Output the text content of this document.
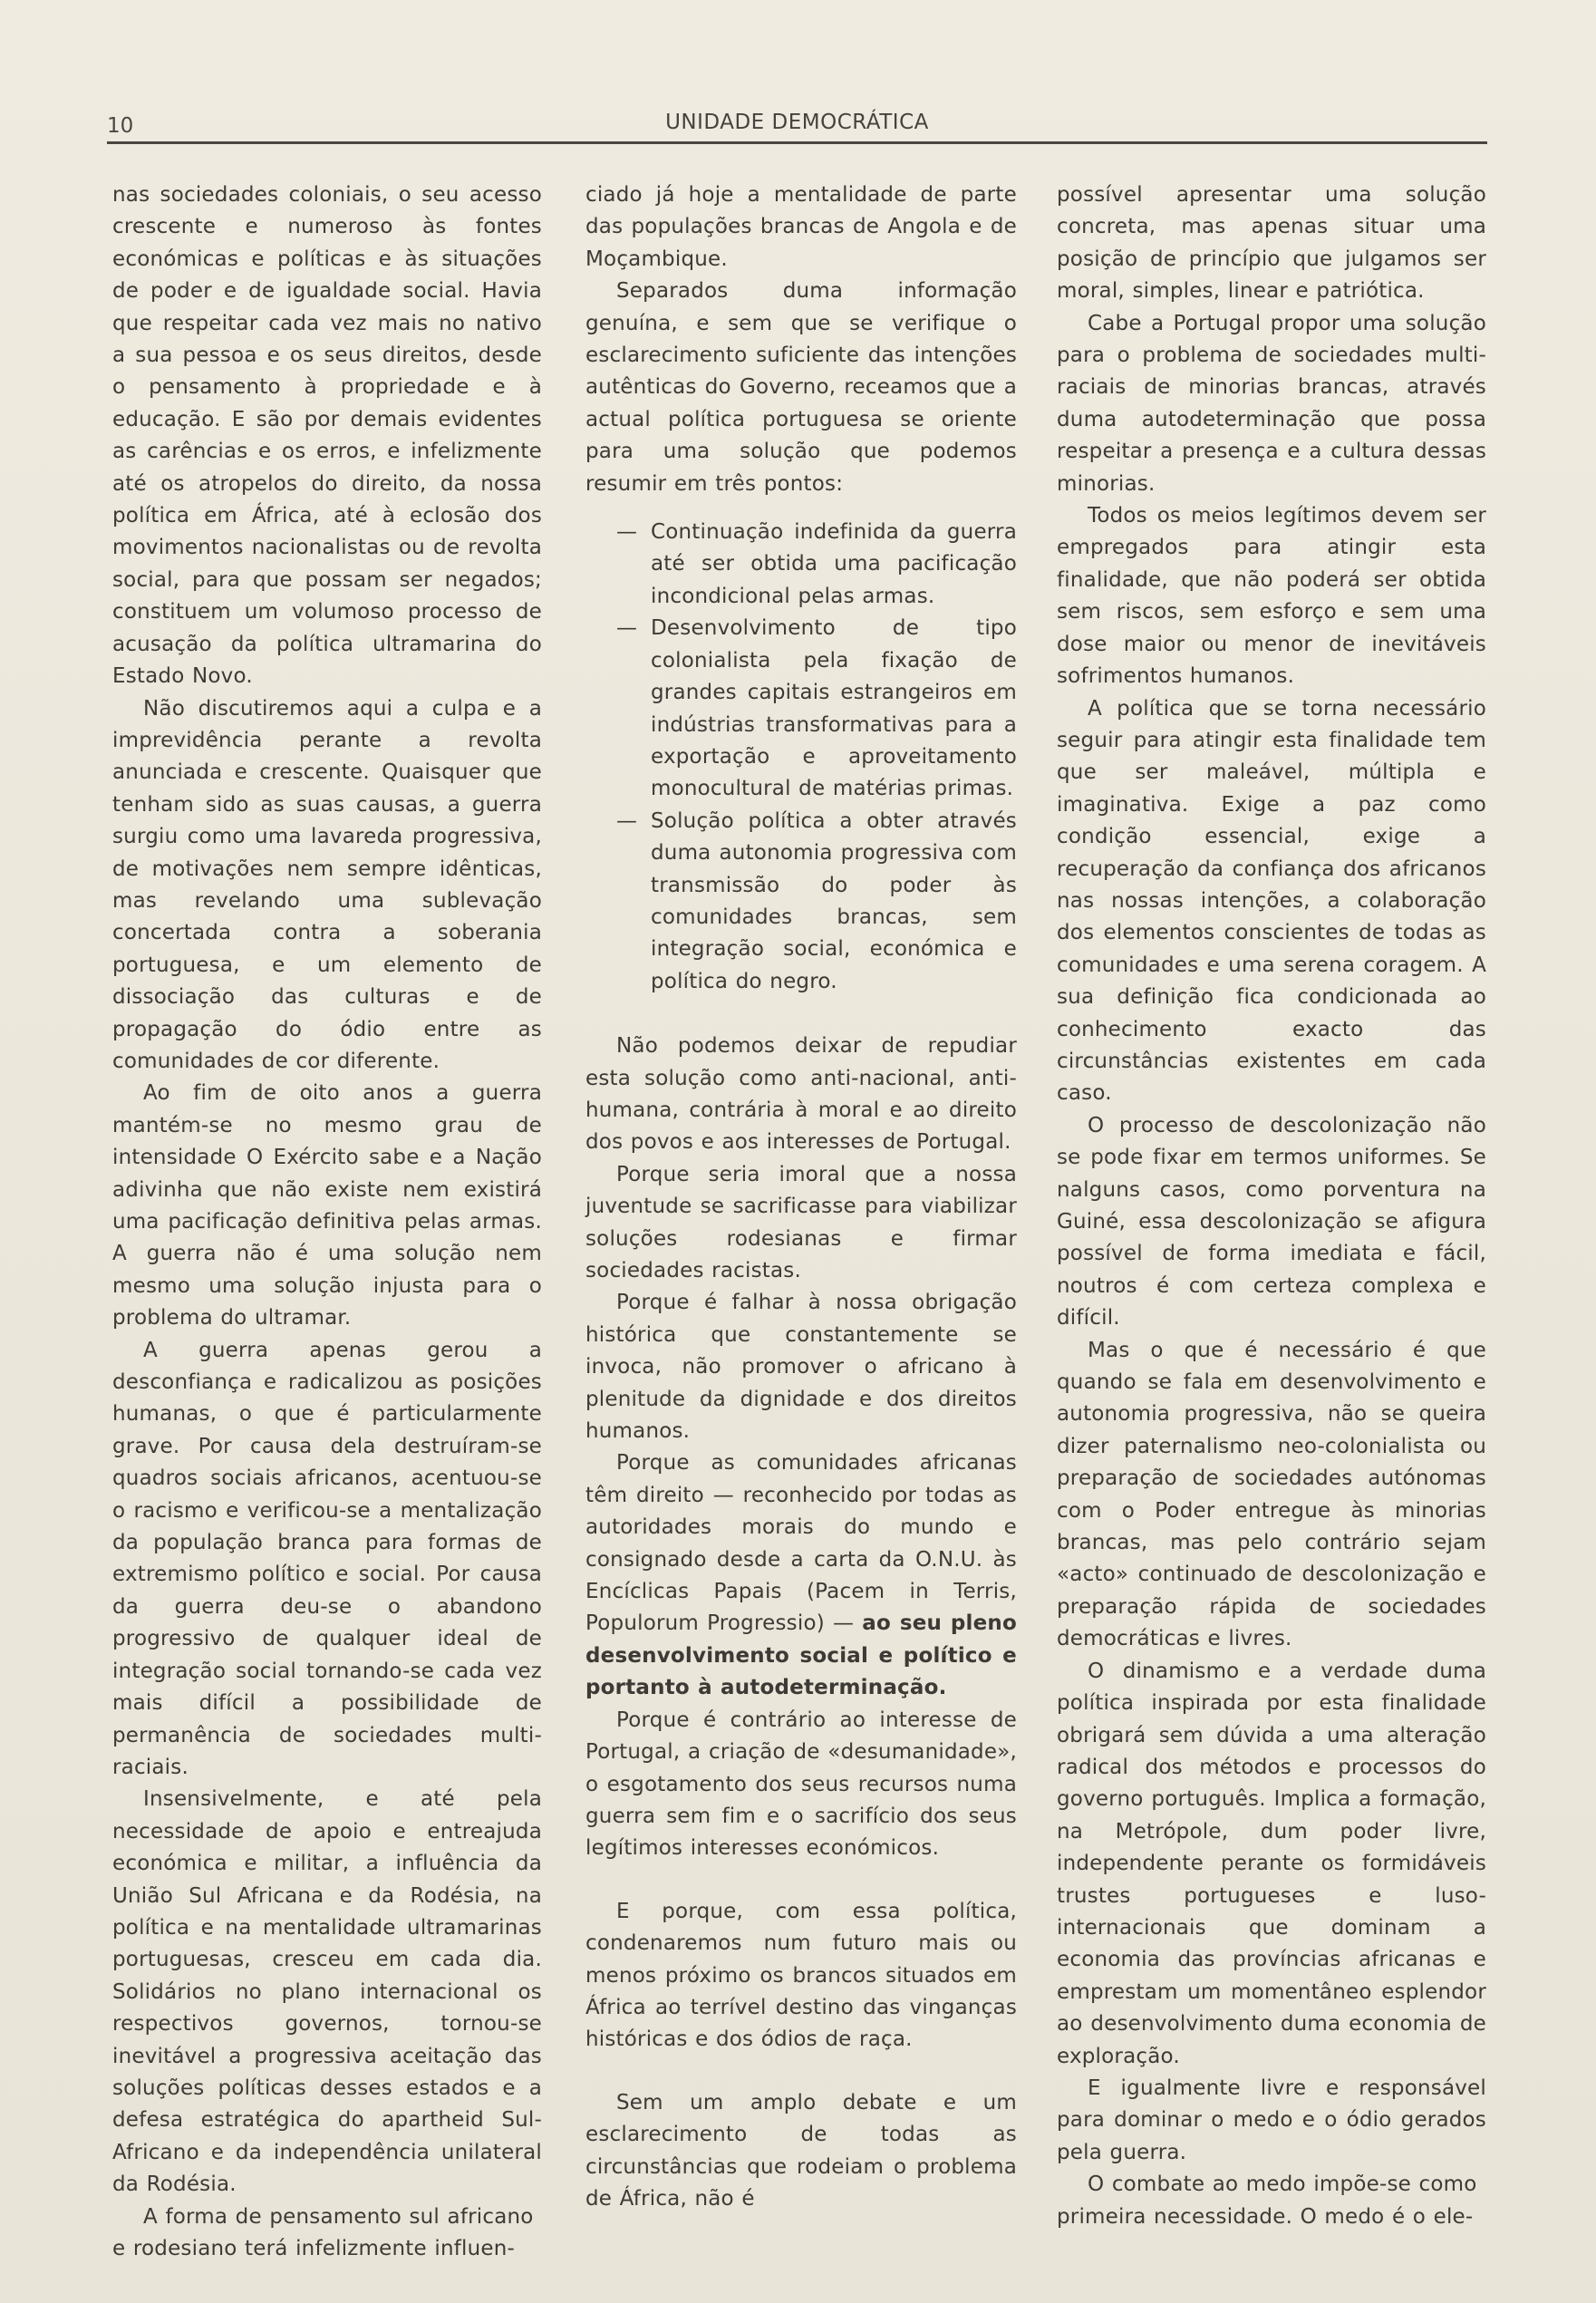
10	UNIDADE DEMOCRÁTICA

nas sociedades coloniais, o seu acesso crescente e numeroso às fontes económicas e políticas e às situações de poder e de igualdade social. Havia que respeitar cada vez mais no nativo a sua pessoa e os seus direitos, desde o pensamento à propriedade e à educação. E são por demais evidentes as carências e os erros, e infelizmente até os atropelos do direito, da nossa política em África, até à eclosão dos movimentos nacionalistas ou de revolta social, para que possam ser negados; constituem um volumoso processo de acusação da política ultramarina do Estado Novo.

Não discutiremos aqui a culpa e a imprevidência perante a revolta anunciada e crescente. Quaisquer que tenham sido as suas causas, a guerra surgiu como uma lavareda progressiva, de motivações nem sempre idênticas, mas revelando uma sublevação concertada contra a soberania portuguesa, e um elemento de dissociação das culturas e de propagação do ódio entre as comunidades de cor diferente.

Ao fim de oito anos a guerra mantém-se no mesmo grau de intensidade O Exército sabe e a Nação adivinha que não existe nem existirá uma pacificação definitiva pelas armas. A guerra não é uma solução nem mesmo uma solução injusta para o problema do ultramar.

A guerra apenas gerou a desconfiança e radicalizou as posições humanas, o que é particularmente grave. Por causa dela destruíram-se quadros sociais africanos, acentuou-se o racismo e verificou-se a mentalização da população branca para formas de extremismo político e social. Por causa da guerra deu-se o abandono progressivo de qualquer ideal de integração social tornando-se cada vez mais difícil a possibilidade de permanência de sociedades multi-raciais.

Insensivelmente, e até pela necessidade de apoio e entreajuda económica e militar, a influência da União Sul Africana e da Rodésia, na política e na mentalidade ultramarinas portuguesas, cresceu em cada dia. Solidários no plano internacional os respectivos governos, tornou-se inevitável a progressiva aceitação das soluções políticas desses estados e a defesa estratégica do apartheid Sul-Africano e da independência unilateral da Rodésia.

A forma de pensamento sul africano e rodesiano terá infelizmente influen-

ciado já hoje a mentalidade de parte das populações brancas de Angola e de Moçambique.

Separados duma informação genuína, e sem que se verifique o esclarecimento suficiente das intenções autênticas do Governo, receamos que a actual política portuguesa se oriente para uma solução que podemos resumir em três pontos:

— Continuação indefinida da guerra até ser obtida uma pacificação incondicional pelas armas.
— Desenvolvimento de tipo colonialista pela fixação de grandes capitais estrangeiros em indústrias transformativas para a exportação e aproveitamento monocultural de matérias primas.
— Solução política a obter através duma autonomia progressiva com transmissão do poder às comunidades brancas, sem integração social, económica e política do negro.

Não podemos deixar de repudiar esta solução como anti-nacional, anti-humana, contrária à moral e ao direito dos povos e aos interesses de Portugal.

Porque seria imoral que a nossa juventude se sacrificasse para viabilizar soluções rodesianas e firmar sociedades racistas.

Porque é falhar à nossa obrigação histórica que constantemente se invoca, não promover o africano à plenitude da dignidade e dos direitos humanos.

Porque as comunidades africanas têm direito — reconhecido por todas as autoridades morais do mundo e consignado desde a carta da O.N.U. às Encíclicas Papais (Pacem in Terris, Populorum Progressio) — ao seu pleno desenvolvimento social e político e portanto à autodeterminação.

Porque é contrário ao interesse de Portugal, a criação de «desumanidade», o esgotamento dos seus recursos numa guerra sem fim e o sacrifício dos seus legítimos interesses económicos.

E porque, com essa política, condenaremos num futuro mais ou menos próximo os brancos situados em África ao terrível destino das vinganças históricas e dos ódios de raça.

Sem um amplo debate e um esclarecimento de todas as circunstâncias que rodeiam o problema de África, não é

possível apresentar uma solução concreta, mas apenas situar uma posição de princípio que julgamos ser moral, simples, linear e patriótica.

Cabe a Portugal propor uma solução para o problema de sociedades multi-raciais de minorias brancas, através duma autodeterminação que possa respeitar a presença e a cultura dessas minorias.

Todos os meios legítimos devem ser empregados para atingir esta finalidade, que não poderá ser obtida sem riscos, sem esforço e sem uma dose maior ou menor de inevitáveis sofrimentos humanos.

A política que se torna necessário seguir para atingir esta finalidade tem que ser maleável, múltipla e imaginativa. Exige a paz como condição essencial, exige a recuperação da confiança dos africanos nas nossas intenções, a colaboração dos elementos conscientes de todas as comunidades e uma serena coragem. A sua definição fica condicionada ao conhecimento exacto das circunstâncias existentes em cada caso.

O processo de descolonização não se pode fixar em termos uniformes. Se nalguns casos, como porventura na Guiné, essa descolonização se afigura possível de forma imediata e fácil, noutros é com certeza complexa e difícil.

Mas o que é necessário é que quando se fala em desenvolvimento e autonomia progressiva, não se queira dizer paternalismo neo-colonialista ou preparação de sociedades autónomas com o Poder entregue às minorias brancas, mas pelo contrário sejam «acto» continuado de descolonização e preparação rápida de sociedades democráticas e livres.

O dinamismo e a verdade duma política inspirada por esta finalidade obrigará sem dúvida a uma alteração radical dos métodos e processos do governo português. Implica a formação, na Metrópole, dum poder livre, independente perante os formidáveis trustes portugueses e luso-internacionais que dominam a economia das províncias africanas e emprestam um momentâneo esplendor ao desenvolvimento duma economia de exploração.

E igualmente livre e responsável para dominar o medo e o ódio gerados pela guerra.

O combate ao medo impõe-se como primeira necessidade. O medo é o ele-
